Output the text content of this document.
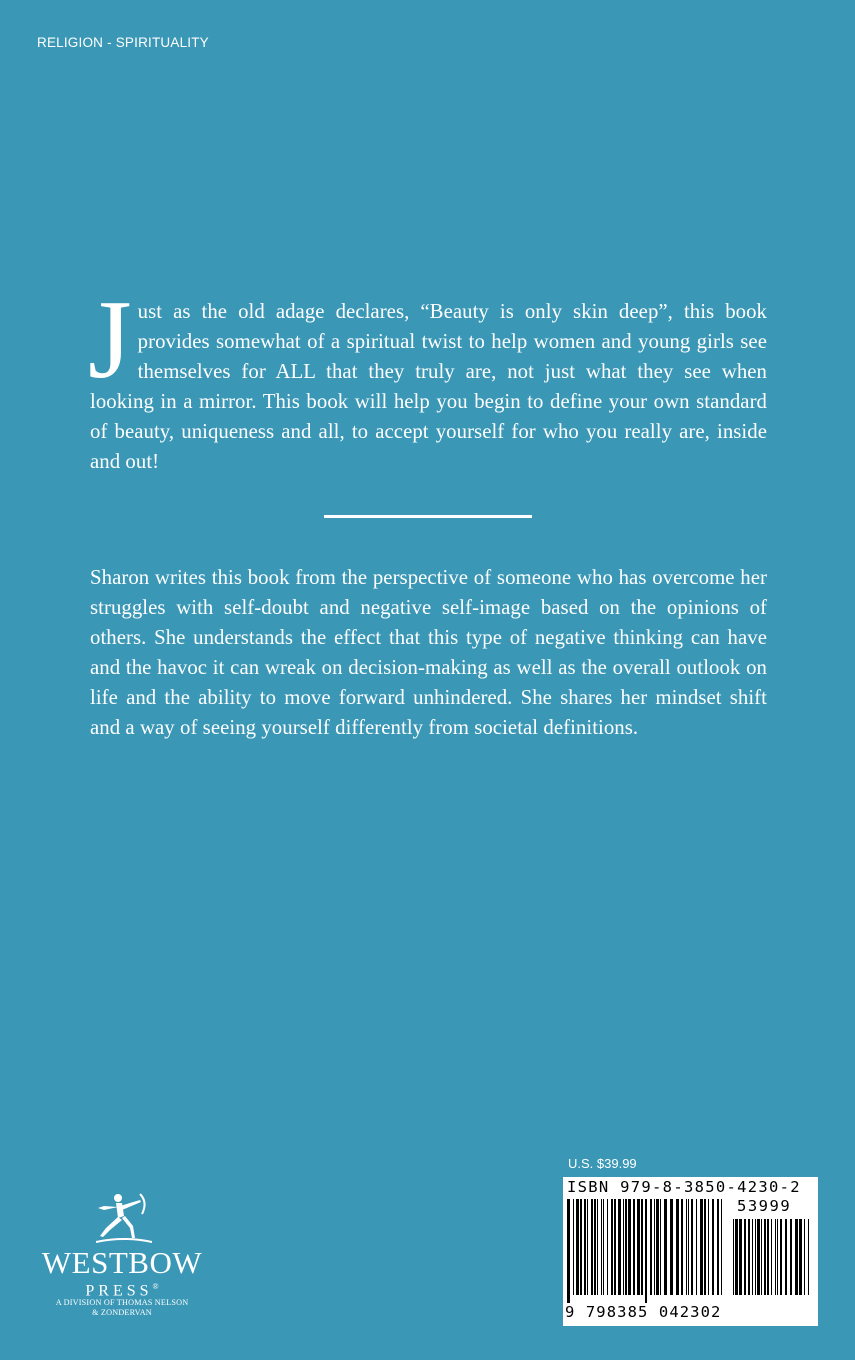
RELIGION - SPIRITUALITY
Just as the old adage declares, “Beauty is only skin deep”, this book provides somewhat of a spiritual twist to help women and young girls see themselves for ALL that they truly are, not just what they see when looking in a mirror. This book will help you begin to define your own standard of beauty, uniqueness and all, to accept yourself for who you really are, inside and out!
Sharon writes this book from the perspective of someone who has overcome her struggles with self-doubt and negative self-image based on the opinions of others. She understands the effect that this type of negative thinking can have and the havoc it can wreak on decision-making as well as the overall outlook on life and the ability to move forward unhindered. She shares her mindset shift and a way of seeing yourself differently from societal definitions.
U.S. $39.99
ISBN 979-8-3850-4230-2
53999
9 798385 042302
WESTBOW
PRESS®
A DIVISION OF THOMAS NELSON
& ZONDERVAN
